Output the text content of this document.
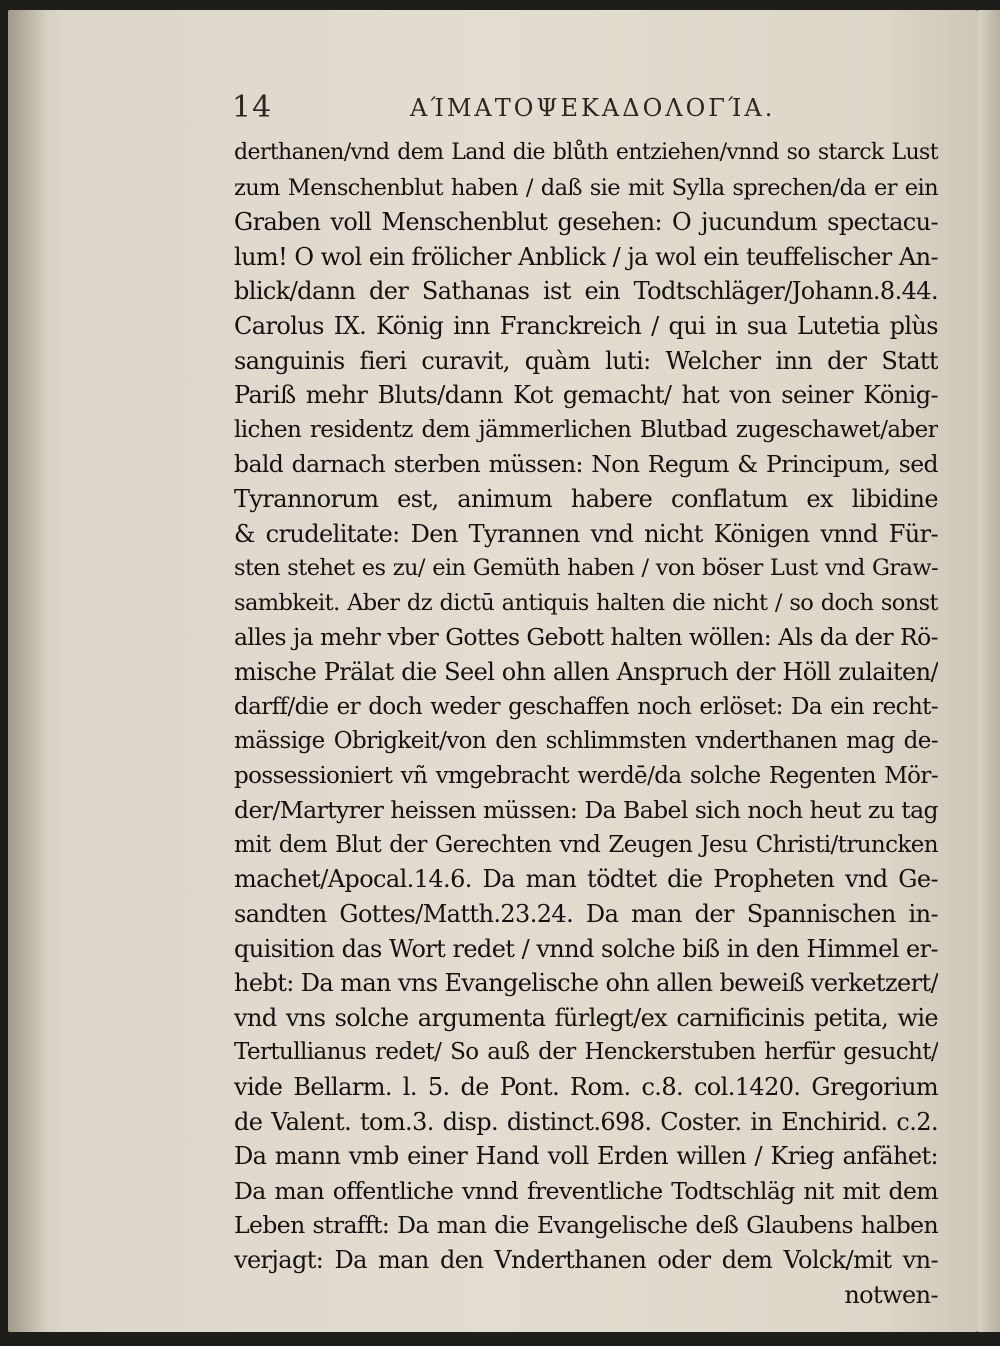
14	ΑΊΜΑΤΟΨΕΚΑΔΟΛΟΓΊΑ.
derthanen/vnd dem Land die blůth entziehen/vnnd so starck Lust
zum Menschenblut haben / daß sie mit Sylla sprechen/da er ein
Graben voll Menschenblut gesehen: O jucundum spectacu-
lum! O wol ein frölicher Anblick / ja wol ein teuffelischer An-
blick/dann der Sathanas ist ein Todtschläger/Johann.8.44.
Carolus IX. König inn Franckreich / qui in sua Lutetia plùs
sanguinis fieri curavit, quàm luti: Welcher inn der Statt
Pariß mehr Bluts/dann Kot gemacht/ hat von seiner König-
lichen residentz dem jämmerlichen Blutbad zugeschawet/aber
bald darnach sterben müssen: Non Regum & Principum, sed
Tyrannorum est, animum habere conflatum ex libidine
& crudelitate: Den Tyrannen vnd nicht Königen vnnd Für-
sten stehet es zu/ ein Gemüth haben / von böser Lust vnd Graw-
sambkeit. Aber dz dictū antiquis halten die nicht / so doch sonst
alles ja mehr vber Gottes Gebott halten wöllen: Als da der Rö-
mische Prälat die Seel ohn allen Anspruch der Höll zulaiten/
darff/die er doch weder geschaffen noch erlöset: Da ein recht-
mässige Obrigkeit/von den schlimmsten vnderthanen mag de-
possessioniert vñ vmgebracht werdē/da solche Regenten Mör-
der/Martyrer heissen müssen: Da Babel sich noch heut zu tag
mit dem Blut der Gerechten vnd Zeugen Jesu Christi/truncken
machet/Apocal.14.6. Da man tödtet die Propheten vnd Ge-
sandten Gottes/Matth.23.24. Da man der Spannischen in-
quisition das Wort redet / vnnd solche biß in den Himmel er-
hebt: Da man vns Evangelische ohn allen beweiß verketzert/
vnd vns solche argumenta fürlegt/ex carnificinis petita, wie
Tertullianus redet/ So auß der Henckerstuben herfür gesucht/
vide Bellarm. l. 5. de Pont. Rom. c.8. col.1420. Gregorium
de Valent. tom.3. disp. distinct.698. Coster. in Enchirid. c.2.
Da mann vmb einer Hand voll Erden willen / Krieg anfähet:
Da man offentliche vnnd freventliche Todtschläg nit mit dem
Leben strafft: Da man die Evangelische deß Glaubens halben
verjagt: Da man den Vnderthanen oder dem Volck/mit vn-
notwen-
